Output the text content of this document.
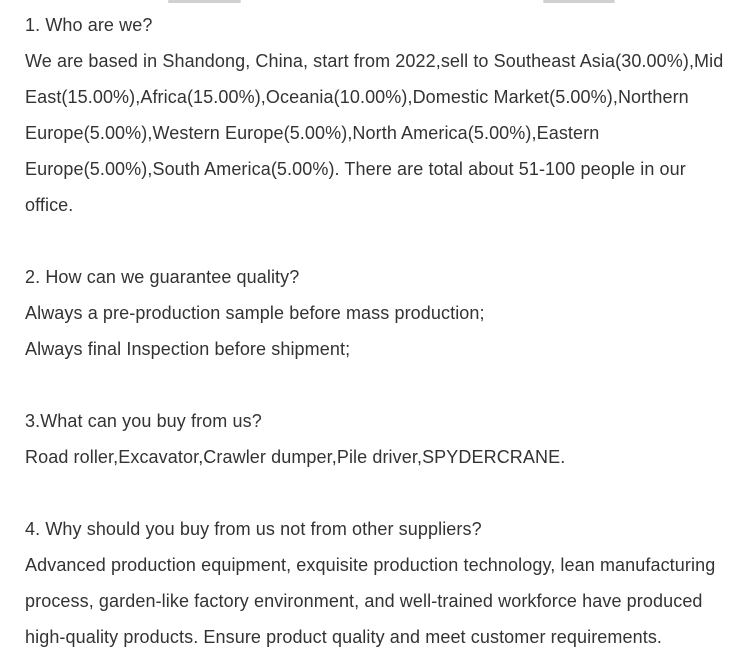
1. Who are we?
We are based in Shandong, China, start from 2022,sell to Southeast Asia(30.00%),Mid
East(15.00%),Africa(15.00%),Oceania(10.00%),Domestic Market(5.00%),Northern
Europe(5.00%),Western Europe(5.00%),North America(5.00%),Eastern
Europe(5.00%),South America(5.00%). There are total about 51-100 people in our
office.
2. How can we guarantee quality?
Always a pre-production sample before mass production;
Always final Inspection before shipment;
3.What can you buy from us?
Road roller,Excavator,Crawler dumper,Pile driver,SPYDERCRANE.
4. Why should you buy from us not from other suppliers?
Advanced production equipment, exquisite production technology, lean manufacturing
process, garden-like factory environment, and well-trained workforce have produced
high-quality products. Ensure product quality and meet customer requirements.
